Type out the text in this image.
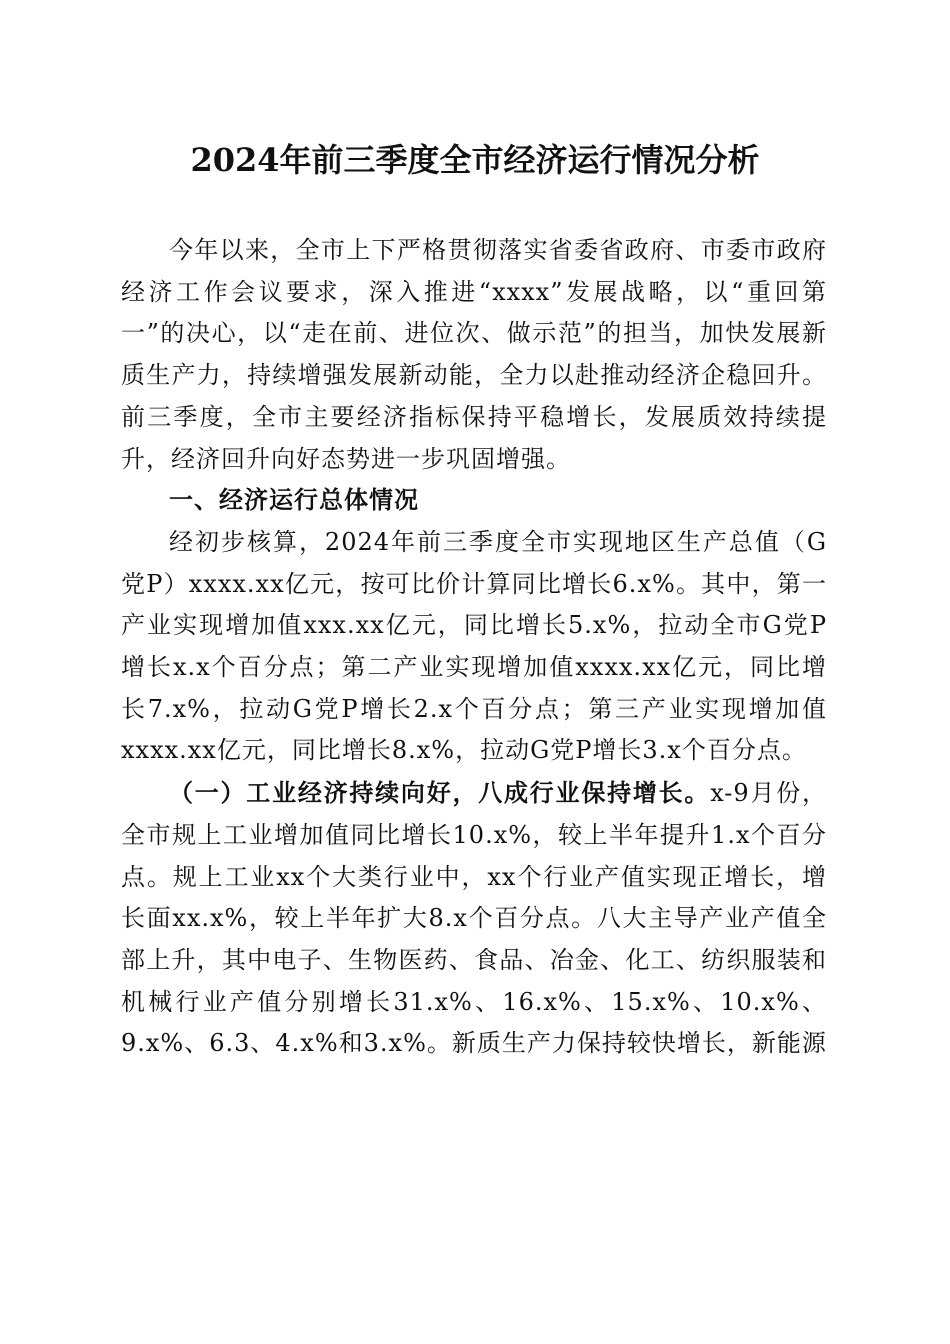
2024年前三季度全市经济运行情况分析

今年以来，全市上下严格贯彻落实省委省政府、市委市政府经济工作会议要求，深入推进“xxxx”发展战略，以“重回第一”的决心，以“走在前、进位次、做示范”的担当，加快发展新质生产力，持续增强发展新动能，全力以赴推动经济企稳回升。前三季度，全市主要经济指标保持平稳增长，发展质效持续提升，经济回升向好态势进一步巩固增强。

一、经济运行总体情况

经初步核算，2024年前三季度全市实现地区生产总值（G党P）xxxx.xx亿元，按可比价计算同比增长6.x%。其中，第一产业实现增加值xxx.xx亿元，同比增长5.x%，拉动全市G党P增长x.x个百分点；第二产业实现增加值xxxx.xx亿元，同比增长7.x%，拉动G党P增长2.x个百分点；第三产业实现增加值xxxx.xx亿元，同比增长8.x%，拉动G党P增长3.x个百分点。

（一）工业经济持续向好，八成行业保持增长。x-9月份，全市规上工业增加值同比增长10.x%，较上半年提升1.x个百分点。规上工业xx个大类行业中，xx个行业产值实现正增长，增长面xx.x%，较上半年扩大8.x个百分点。八大主导产业产值全部上升，其中电子、生物医药、食品、冶金、化工、纺织服装和机械行业产值分别增长31.x%、16.x%、15.x%、10.x%、9.x%、6.3、4.x%和3.x%。新质生产力保持较快增长，新能源
